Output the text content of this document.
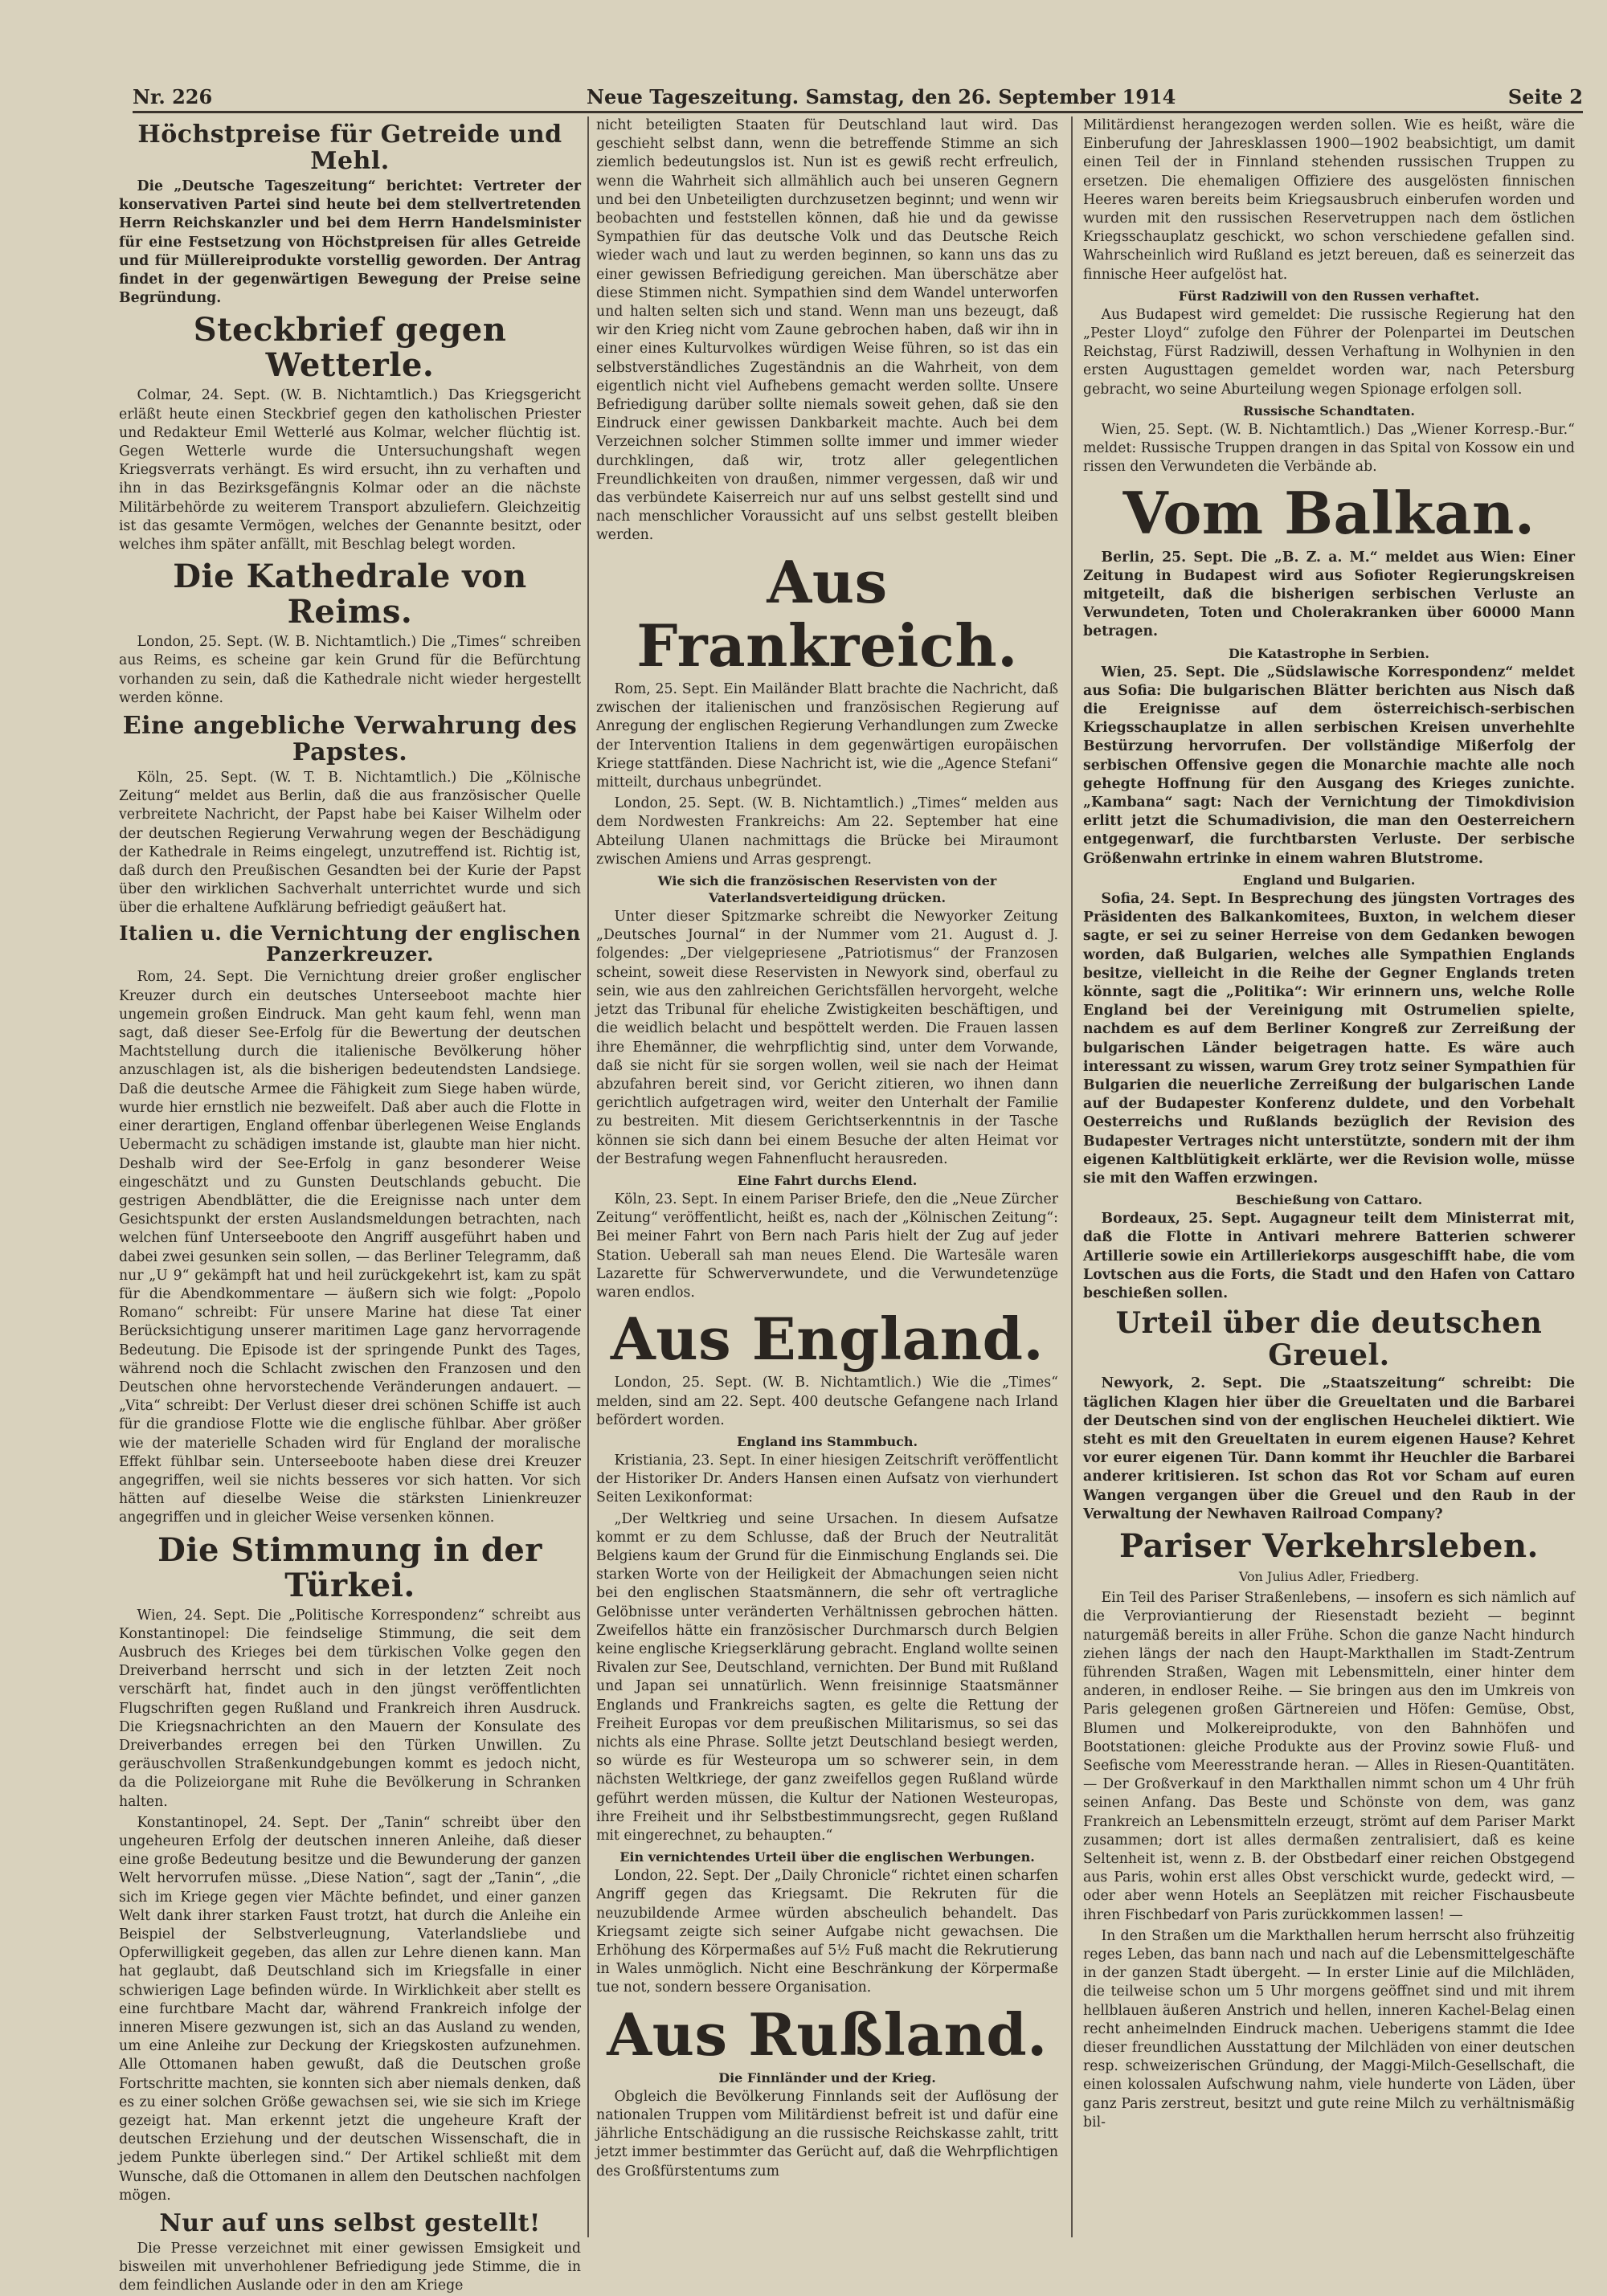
Nr. 226	Neue Tageszeitung. Samstag, den 26. September 1914	Seite 2
Höchstpreise für Getreide und Mehl.

Die „Deutsche Tageszeitung“ berichtet: Vertreter der konservativen Partei sind heute bei dem stellvertretenden Herrn Reichskanzler und bei dem Herrn Handelsminister für eine Festsetzung von Höchstpreisen für alles Getreide und für Müllereiprodukte vorstellig geworden. Der Antrag findet in der gegenwärtigen Bewegung der Preise seine Begründung.

Steckbrief gegen Wetterle.

Colmar, 24. Sept. (W. B. Nichtamtlich.) Das Kriegsgericht erläßt heute einen Steckbrief gegen den katholischen Priester und Redakteur Emil Wetterlé aus Kolmar, welcher flüchtig ist. Gegen Wetterle wurde die Untersuchungshaft wegen Kriegsverrats verhängt. Es wird ersucht, ihn zu verhaften und ihn in das Bezirksgefängnis Kolmar oder an die nächste Militärbehörde zu weiterem Transport abzuliefern. Gleichzeitig ist das gesamte Vermögen, welches der Genannte besitzt, oder welches ihm später anfällt, mit Beschlag belegt worden.

Die Kathedrale von Reims.

London, 25. Sept. (W. B. Nichtamtlich.) Die „Times“ schreiben aus Reims, es scheine gar kein Grund für die Befürchtung vorhanden zu sein, daß die Kathedrale nicht wieder hergestellt werden könne.

Eine angebliche Verwahrung des Papstes.

Köln, 25. Sept. (W. T. B. Nichtamtlich.) Die „Kölnische Zeitung“ meldet aus Berlin, daß die aus französischer Quelle verbreitete Nachricht, der Papst habe bei Kaiser Wilhelm oder der deutschen Regierung Verwahrung wegen der Beschädigung der Kathedrale in Reims eingelegt, unzutreffend ist. Richtig ist, daß durch den Preußischen Gesandten bei der Kurie der Papst über den wirklichen Sachverhalt unterrichtet wurde und sich über die erhaltene Aufklärung befriedigt geäußert hat.

Italien u. die Vernichtung der englischen Panzerkreuzer.

Rom, 24. Sept. Die Vernichtung dreier großer englischer Kreuzer durch ein deutsches Unterseeboot machte hier ungemein großen Eindruck. Man geht kaum fehl, wenn man sagt, daß dieser See-Erfolg für die Bewertung der deutschen Machtstellung durch die italienische Bevölkerung höher anzuschlagen ist, als die bisherigen bedeutendsten Landsiege. Daß die deutsche Armee die Fähigkeit zum Siege haben würde, wurde hier ernstlich nie bezweifelt. Daß aber auch die Flotte in einer derartigen, England offenbar überlegenen Weise Englands Uebermacht zu schädigen imstande ist, glaubte man hier nicht. Deshalb wird der See-Erfolg in ganz besonderer Weise eingeschätzt und zu Gunsten Deutschlands gebucht. Die gestrigen Abendblätter, die die Ereignisse nach unter dem Gesichtspunkt der ersten Auslandsmeldungen betrachten, nach welchen fünf Unterseeboote den Angriff ausgeführt haben und dabei zwei gesunken sein sollen, — das Berliner Telegramm, daß nur „U 9“ gekämpft hat und heil zurückgekehrt ist, kam zu spät für die Abendkommentare — äußern sich wie folgt: „Popolo Romano“ schreibt: Für unsere Marine hat diese Tat einer Berücksichtigung unserer maritimen Lage ganz hervorragende Bedeutung. Die Episode ist der springende Punkt des Tages, während noch die Schlacht zwischen den Franzosen und den Deutschen ohne hervorstechende Veränderungen andauert. — „Vita“ schreibt: Der Verlust dieser drei schönen Schiffe ist auch für die grandiose Flotte wie die englische fühlbar. Aber größer wie der materielle Schaden wird für England der moralische Effekt fühlbar sein. Unterseeboote haben diese drei Kreuzer angegriffen, weil sie nichts besseres vor sich hatten. Vor sich hätten auf dieselbe Weise die stärksten Linienkreuzer angegriffen und in gleicher Weise versenken können.

Die Stimmung in der Türkei.

Wien, 24. Sept. Die „Politische Korrespondenz“ schreibt aus Konstantinopel: Die feindselige Stimmung, die seit dem Ausbruch des Krieges bei dem türkischen Volke gegen den Dreiverband herrscht und sich in der letzten Zeit noch verschärft hat, findet auch in den jüngst veröffentlichten Flugschriften gegen Rußland und Frankreich ihren Ausdruck. Die Kriegsnachrichten an den Mauern der Konsulate des Dreiverbandes erregen bei den Türken Unwillen. Zu geräuschvollen Straßenkundgebungen kommt es jedoch nicht, da die Polizeiorgane mit Ruhe die Bevölkerung in Schranken halten.

Konstantinopel, 24. Sept. Der „Tanin“ schreibt über den ungeheuren Erfolg der deutschen inneren Anleihe, daß dieser eine große Bedeutung besitze und die Bewunderung der ganzen Welt hervorrufen müsse. „Diese Nation“, sagt der „Tanin“, „die sich im Kriege gegen vier Mächte befindet, und einer ganzen Welt dank ihrer starken Faust trotzt, hat durch die Anleihe ein Beispiel der Selbstverleugnung, Vaterlandsliebe und Opferwilligkeit gegeben, das allen zur Lehre dienen kann. Man hat geglaubt, daß Deutschland sich im Kriegsfalle in einer schwierigen Lage befinden würde. In Wirklichkeit aber stellt es eine furchtbare Macht dar, während Frankreich infolge der inneren Misere gezwungen ist, sich an das Ausland zu wenden, um eine Anleihe zur Deckung der Kriegskosten aufzunehmen. Alle Ottomanen haben gewußt, daß die Deutschen große Fortschritte machten, sie konnten sich aber niemals denken, daß es zu einer solchen Größe gewachsen sei, wie sie sich im Kriege gezeigt hat. Man erkennt jetzt die ungeheure Kraft der deutschen Erziehung und der deutschen Wissenschaft, die in jedem Punkte überlegen sind.“ Der Artikel schließt mit dem Wunsche, daß die Ottomanen in allem den Deutschen nachfolgen mögen.

Nur auf uns selbst gestellt!

Die Presse verzeichnet mit einer gewissen Emsigkeit und bisweilen mit unverhohlener Befriedigung jede Stimme, die in dem feindlichen Auslande oder in den am Kriege

nicht beteiligten Staaten für Deutschland laut wird. Das geschieht selbst dann, wenn die betreffende Stimme an sich ziemlich bedeutungslos ist. Nun ist es gewiß recht erfreulich, wenn die Wahrheit sich allmählich auch bei unseren Gegnern und bei den Unbeteiligten durchzusetzen beginnt; und wenn wir beobachten und feststellen können, daß hie und da gewisse Sympathien für das deutsche Volk und das Deutsche Reich wieder wach und laut zu werden beginnen, so kann uns das zu einer gewissen Befriedigung gereichen. Man überschätze aber diese Stimmen nicht. Sympathien sind dem Wandel unterworfen und halten selten sich und stand. Wenn man uns bezeugt, daß wir den Krieg nicht vom Zaune gebrochen haben, daß wir ihn in einer eines Kulturvolkes würdigen Weise führen, so ist das ein selbstverständliches Zugeständnis an die Wahrheit, von dem eigentlich nicht viel Aufhebens gemacht werden sollte. Unsere Befriedigung darüber sollte niemals soweit gehen, daß sie den Eindruck einer gewissen Dankbarkeit machte. Auch bei dem Verzeichnen solcher Stimmen sollte immer und immer wieder durchklingen, daß wir, trotz aller gelegentlichen Freundlichkeiten von draußen, nimmer vergessen, daß wir und das verbündete Kaiserreich nur auf uns selbst gestellt sind und nach menschlicher Voraussicht auf uns selbst gestellt bleiben werden.

Aus Frankreich.

Rom, 25. Sept. Ein Mailänder Blatt brachte die Nachricht, daß zwischen der italienischen und französischen Regierung auf Anregung der englischen Regierung Verhandlungen zum Zwecke der Intervention Italiens in dem gegenwärtigen europäischen Kriege stattfänden. Diese Nachricht ist, wie die „Agence Stefani“ mitteilt, durchaus unbegründet.

London, 25. Sept. (W. B. Nichtamtlich.) „Times“ melden aus dem Nordwesten Frankreichs: Am 22. September hat eine Abteilung Ulanen nachmittags die Brücke bei Miraumont zwischen Amiens und Arras gesprengt.

Wie sich die französischen Reservisten von der Vaterlandsverteidigung drücken.

Unter dieser Spitzmarke schreibt die Newyorker Zeitung „Deutsches Journal“ in der Nummer vom 21. August d. J. folgendes: „Der vielgepriesene „Patriotismus“ der Franzosen scheint, soweit diese Reservisten in Newyork sind, oberfaul zu sein, wie aus den zahlreichen Gerichtsfällen hervorgeht, welche jetzt das Tribunal für eheliche Zwistigkeiten beschäftigen, und die weidlich belacht und bespöttelt werden. Die Frauen lassen ihre Ehemänner, die wehrpflichtig sind, unter dem Vorwande, daß sie nicht für sie sorgen wollen, weil sie nach der Heimat abzufahren bereit sind, vor Gericht zitieren, wo ihnen dann gerichtlich aufgetragen wird, weiter den Unterhalt der Familie zu bestreiten. Mit diesem Gerichtserkenntnis in der Tasche können sie sich dann bei einem Besuche der alten Heimat vor der Bestrafung wegen Fahnenflucht herausreden.

Eine Fahrt durchs Elend.

Köln, 23. Sept. In einem Pariser Briefe, den die „Neue Zürcher Zeitung“ veröffentlicht, heißt es, nach der „Kölnischen Zeitung“: Bei meiner Fahrt von Bern nach Paris hielt der Zug auf jeder Station. Ueberall sah man neues Elend. Die Wartesäle waren Lazarette für Schwerverwundete, und die Verwundetenzüge waren endlos.

Aus England.

London, 25. Sept. (W. B. Nichtamtlich.) Wie die „Times“ melden, sind am 22. Sept. 400 deutsche Gefangene nach Irland befördert worden.

England ins Stammbuch.

Kristiania, 23. Sept. In einer hiesigen Zeitschrift veröffentlicht der Historiker Dr. Anders Hansen einen Aufsatz von vierhundert Seiten Lexikonformat:

„Der Weltkrieg und seine Ursachen. In diesem Aufsatze kommt er zu dem Schlusse, daß der Bruch der Neutralität Belgiens kaum der Grund für die Einmischung Englands sei. Die starken Worte von der Heiligkeit der Abmachungen seien nicht bei den englischen Staatsmännern, die sehr oft vertragliche Gelöbnisse unter veränderten Verhältnissen gebrochen hätten. Zweifellos hätte ein französischer Durchmarsch durch Belgien keine englische Kriegserklärung gebracht. England wollte seinen Rivalen zur See, Deutschland, vernichten. Der Bund mit Rußland und Japan sei unnatürlich. Wenn freisinnige Staatsmänner Englands und Frankreichs sagten, es gelte die Rettung der Freiheit Europas vor dem preußischen Militarismus, so sei das nichts als eine Phrase. Sollte jetzt Deutschland besiegt werden, so würde es für Westeuropa um so schwerer sein, in dem nächsten Weltkriege, der ganz zweifellos gegen Rußland würde geführt werden müssen, die Kultur der Nationen Westeuropas, ihre Freiheit und ihr Selbstbestimmungsrecht, gegen Rußland mit eingerechnet, zu behaupten.“

Ein vernichtendes Urteil über die englischen Werbungen.

London, 22. Sept. Der „Daily Chronicle“ richtet einen scharfen Angriff gegen das Kriegsamt. Die Rekruten für die neuzubildende Armee würden abscheulich behandelt. Das Kriegsamt zeigte sich seiner Aufgabe nicht gewachsen. Die Erhöhung des Körpermaßes auf 5½ Fuß macht die Rekrutierung in Wales unmöglich. Nicht eine Beschränkung der Körpermaße tue not, sondern bessere Organisation.

Aus Rußland.
Die Finnländer und der Krieg.

Obgleich die Bevölkerung Finnlands seit der Auflösung der nationalen Truppen vom Militärdienst befreit ist und dafür eine jährliche Entschädigung an die russische Reichskasse zahlt, tritt jetzt immer bestimmter das Gerücht auf, daß die Wehrpflichtigen des Großfürstentums zum

Militärdienst herangezogen werden sollen. Wie es heißt, wäre die Einberufung der Jahresklassen 1900—1902 beabsichtigt, um damit einen Teil der in Finnland stehenden russischen Truppen zu ersetzen. Die ehemaligen Offiziere des ausgelösten finnischen Heeres waren bereits beim Kriegsausbruch einberufen worden und wurden mit den russischen Reservetruppen nach dem östlichen Kriegsschauplatz geschickt, wo schon verschiedene gefallen sind. Wahrscheinlich wird Rußland es jetzt bereuen, daß es seinerzeit das finnische Heer aufgelöst hat.

Fürst Radziwill von den Russen verhaftet.

Aus Budapest wird gemeldet: Die russische Regierung hat den „Pester Lloyd“ zufolge den Führer der Polenpartei im Deutschen Reichstag, Fürst Radziwill, dessen Verhaftung in Wolhynien in den ersten Augusttagen gemeldet worden war, nach Petersburg gebracht, wo seine Aburteilung wegen Spionage erfolgen soll.

Russische Schandtaten.

Wien, 25. Sept. (W. B. Nichtamtlich.) Das „Wiener Korresp.-Bur.“ meldet: Russische Truppen drangen in das Spital von Kossow ein und rissen den Verwundeten die Verbände ab.

Vom Balkan.

Berlin, 25. Sept. Die „B. Z. a. M.“ meldet aus Wien: Einer Zeitung in Budapest wird aus Sofioter Regierungskreisen mitgeteilt, daß die bisherigen serbischen Verluste an Verwundeten, Toten und Cholerakranken über 60000 Mann betragen.

Die Katastrophe in Serbien.

Wien, 25. Sept. Die „Südslawische Korrespondenz“ meldet aus Sofia: Die bulgarischen Blätter berichten aus Nisch daß die Ereignisse auf dem österreichisch-serbischen Kriegsschauplatze in allen serbischen Kreisen unverhehlte Bestürzung hervorrufen. Der vollständige Mißerfolg der serbischen Offensive gegen die Monarchie machte alle noch gehegte Hoffnung für den Ausgang des Krieges zunichte. „Kambana“ sagt: Nach der Vernichtung der Timokdivision erlitt jetzt die Schumadivision, die man den Oesterreichern entgegenwarf, die furchtbarsten Verluste. Der serbische Größenwahn ertrinke in einem wahren Blutstrome.

England und Bulgarien.

Sofia, 24. Sept. In Besprechung des jüngsten Vortrages des Präsidenten des Balkankomitees, Buxton, in welchem dieser sagte, er sei zu seiner Herreise von dem Gedanken bewogen worden, daß Bulgarien, welches alle Sympathien Englands besitze, vielleicht in die Reihe der Gegner Englands treten könnte, sagt die „Politika“: Wir erinnern uns, welche Rolle England bei der Vereinigung mit Ostrumelien spielte, nachdem es auf dem Berliner Kongreß zur Zerreißung der bulgarischen Länder beigetragen hatte. Es wäre auch interessant zu wissen, warum Grey trotz seiner Sympathien für Bulgarien die neuerliche Zerreißung der bulgarischen Lande auf der Budapester Konferenz duldete, und den Vorbehalt Oesterreichs und Rußlands bezüglich der Revision des Budapester Vertrages nicht unterstützte, sondern mit der ihm eigenen Kaltblütigkeit erklärte, wer die Revision wolle, müsse sie mit den Waffen erzwingen.

Beschießung von Cattaro.

Bordeaux, 25. Sept. Augagneur teilt dem Ministerrat mit, daß die Flotte in Antivari mehrere Batterien schwerer Artillerie sowie ein Artilleriekorps ausgeschifft habe, die vom Lovtschen aus die Forts, die Stadt und den Hafen von Cattaro beschießen sollen.

Urteil über die deutschen Greuel.

Newyork, 2. Sept. Die „Staatszeitung“ schreibt: Die täglichen Klagen hier über die Greueltaten und die Barbarei der Deutschen sind von der englischen Heuchelei diktiert. Wie steht es mit den Greueltaten in eurem eigenen Hause? Kehret vor eurer eigenen Tür. Dann kommt ihr Heuchler die Barbarei anderer kritisieren. Ist schon das Rot vor Scham auf euren Wangen vergangen über die Greuel und den Raub in der Verwaltung der Newhaven Railroad Company?

Pariser Verkehrsleben.
Von Julius Adler, Friedberg.

Ein Teil des Pariser Straßenlebens, — insofern es sich nämlich auf die Verproviantierung der Riesenstadt bezieht — beginnt naturgemäß bereits in aller Frühe. Schon die ganze Nacht hindurch ziehen längs der nach den Haupt-Markthallen im Stadt-Zentrum führenden Straßen, Wagen mit Lebensmitteln, einer hinter dem anderen, in endloser Reihe. — Sie bringen aus den im Umkreis von Paris gelegenen großen Gärtnereien und Höfen: Gemüse, Obst, Blumen und Molkereiprodukte, von den Bahnhöfen und Bootstationen: gleiche Produkte aus der Provinz sowie Fluß- und Seefische vom Meeresstrande heran. — Alles in Riesen-Quantitäten. — Der Großverkauf in den Markthallen nimmt schon um 4 Uhr früh seinen Anfang. Das Beste und Schönste von dem, was ganz Frankreich an Lebensmitteln erzeugt, strömt auf dem Pariser Markt zusammen; dort ist alles dermaßen zentralisiert, daß es keine Seltenheit ist, wenn z. B. der Obstbedarf einer reichen Obstgegend aus Paris, wohin erst alles Obst verschickt wurde, gedeckt wird, — oder aber wenn Hotels an Seeplätzen mit reicher Fischausbeute ihren Fischbedarf von Paris zurückkommen lassen! —

In den Straßen um die Markthallen herum herrscht also frühzeitig reges Leben, das bann nach und nach auf die Lebensmittelgeschäfte in der ganzen Stadt übergeht. — In erster Linie auf die Milchläden, die teilweise schon um 5 Uhr morgens geöffnet sind und mit ihrem hellblauen äußeren Anstrich und hellen, inneren Kachel-Belag einen recht anheimelnden Eindruck machen. Ueberigens stammt die Idee dieser freundlichen Ausstattung der Milchläden von einer deutschen resp. schweizerischen Gründung, der Maggi-Milch-Gesellschaft, die einen kolossalen Aufschwung nahm, viele hunderte von Läden, über ganz Paris zerstreut, besitzt und gute reine Milch zu verhältnismäßig bil-
